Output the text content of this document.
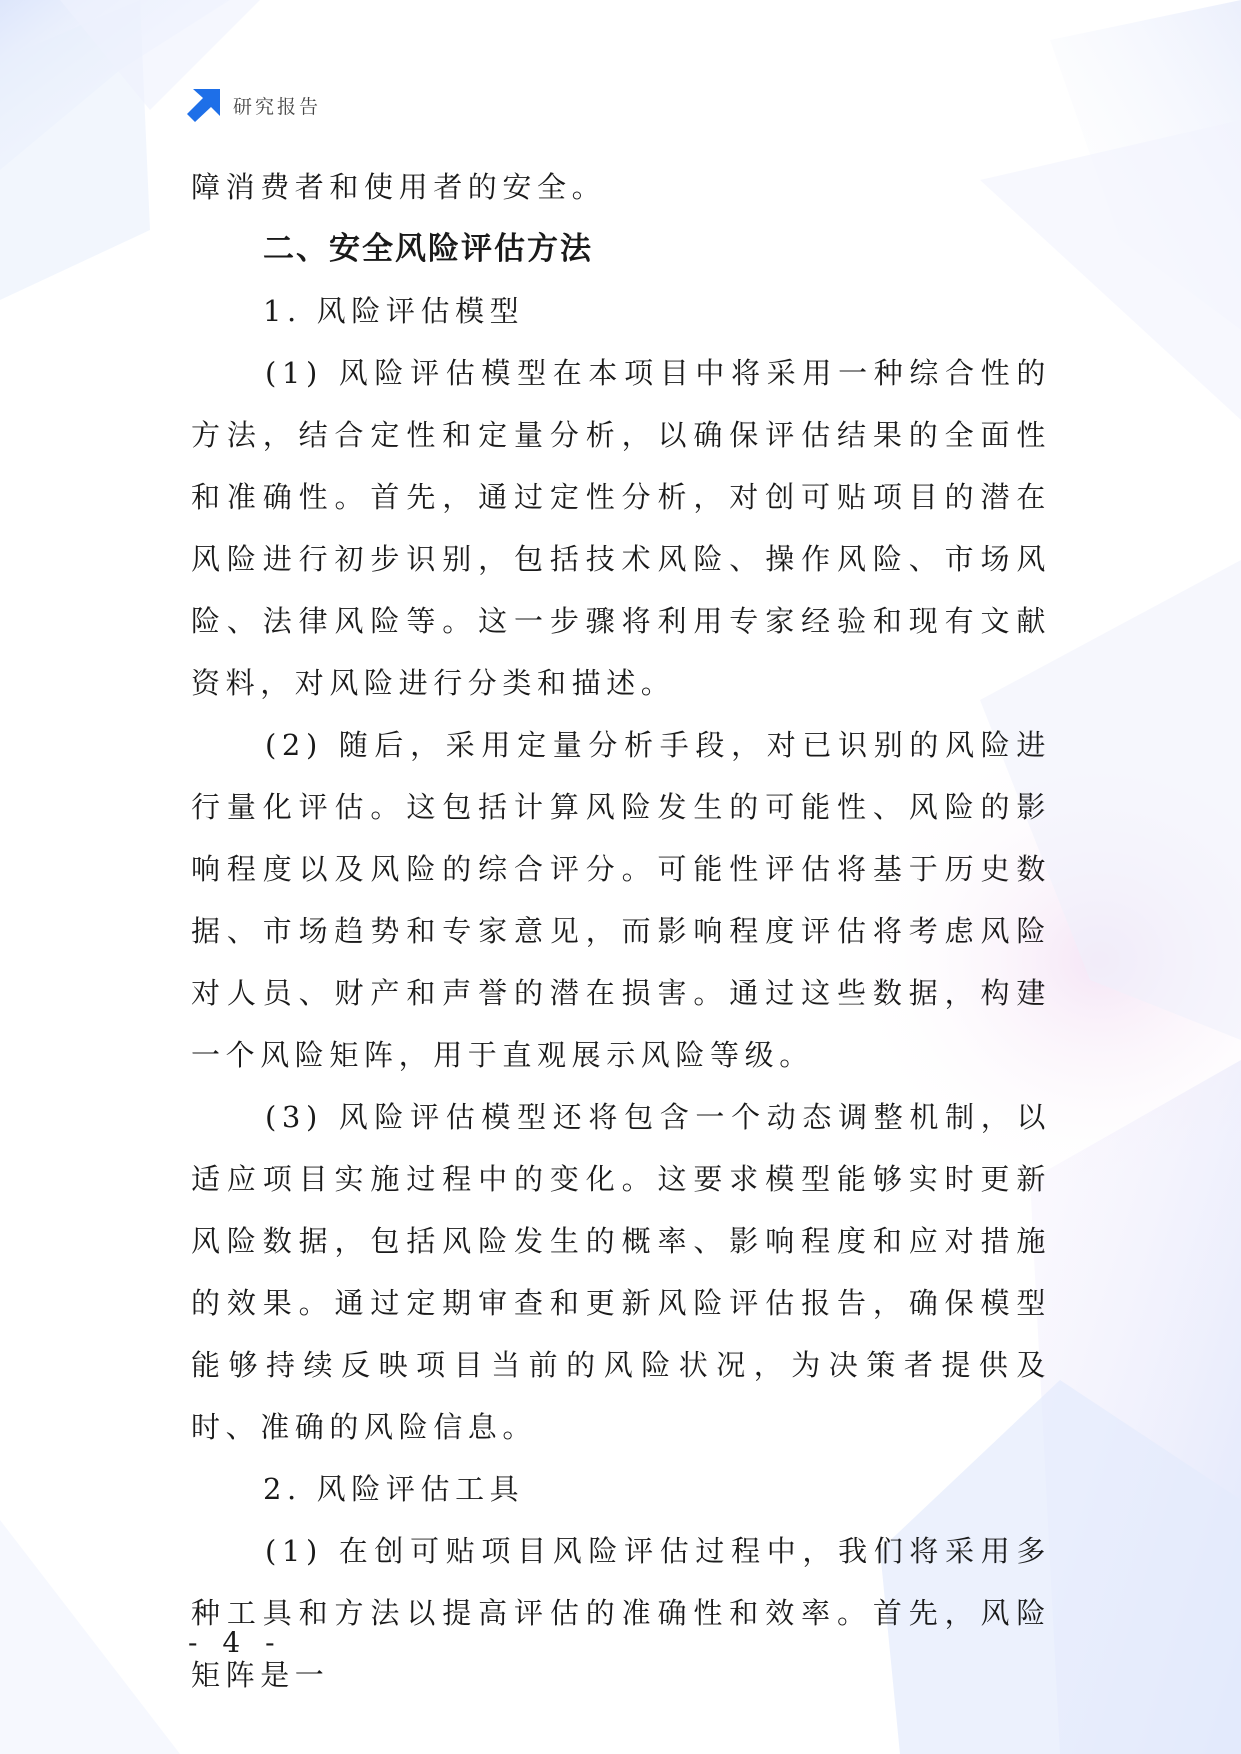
研究报告

障消费者和使用者的安全。

二、安全风险评估方法

1. 风险评估模型

(1) 风险评估模型在本项目中将采用一种综合性的方法，结合定性和定量分析，以确保评估结果的全面性和准确性。首先，通过定性分析，对创可贴项目的潜在风险进行初步识别，包括技术风险、操作风险、市场风险、法律风险等。这一步骤将利用专家经验和现有文献资料，对风险进行分类和描述。

(2) 随后，采用定量分析手段，对已识别的风险进行量化评估。这包括计算风险发生的可能性、风险的影响程度以及风险的综合评分。可能性评估将基于历史数据、市场趋势和专家意见，而影响程度评估将考虑风险对人员、财产和声誉的潜在损害。通过这些数据，构建一个风险矩阵，用于直观展示风险等级。

(3) 风险评估模型还将包含一个动态调整机制，以适应项目实施过程中的变化。这要求模型能够实时更新风险数据，包括风险发生的概率、影响程度和应对措施的效果。通过定期审查和更新风险评估报告，确保模型能够持续反映项目当前的风险状况，为决策者提供及时、准确的风险信息。

2. 风险评估工具

(1) 在创可贴项目风险评估过程中，我们将采用多种工具和方法以提高评估的准确性和效率。首先，风险矩阵是一

- 4 -
